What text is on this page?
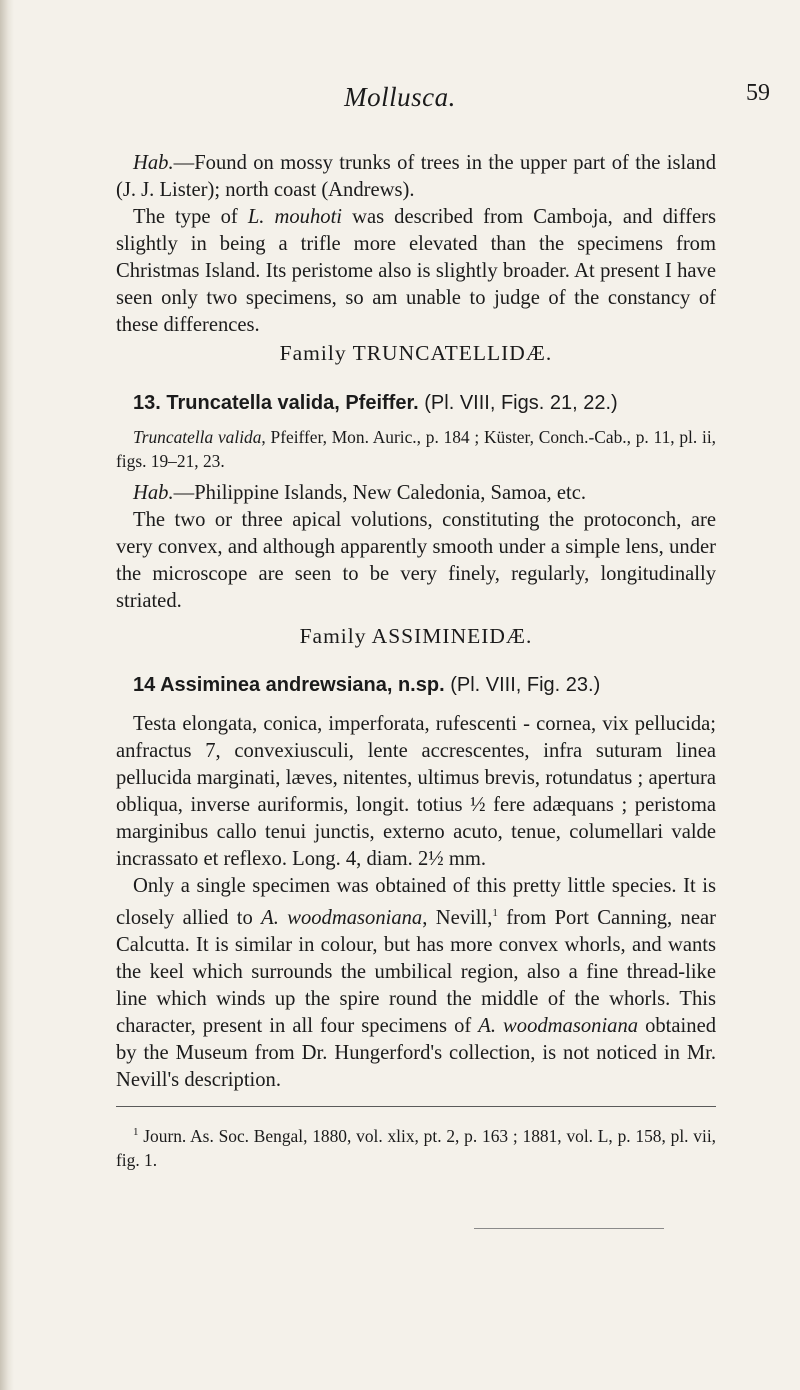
Mollusca.	59

Hab.—Found on mossy trunks of trees in the upper part of the island (J. J. Lister); north coast (Andrews).

The type of L. mouhoti was described from Camboja, and differs slightly in being a trifle more elevated than the specimens from Christmas Island. Its peristome also is slightly broader. At present I have seen only two specimens, so am unable to judge of the constancy of these differences.

Family TRUNCATELLIDÆ.

13. Truncatella valida, Pfeiffer. (Pl. VIII, Figs. 21, 22.)

Truncatella valida, Pfeiffer, Mon. Auric., p. 184 ; Küster, Conch.-Cab., p. 11, pl. ii, figs. 19–21, 23.

Hab.—Philippine Islands, New Caledonia, Samoa, etc.

The two or three apical volutions, constituting the protoconch, are very convex, and although apparently smooth under a simple lens, under the microscope are seen to be very finely, regularly, longitudinally striated.

Family ASSIMINEIDÆ.

14 Assiminea andrewsiana, n.sp. (Pl. VIII, Fig. 23.)

Testa elongata, conica, imperforata, rufescenti - cornea, vix pellucida; anfractus 7, convexiusculi, lente accrescentes, infra suturam linea pellucida marginati, læves, nitentes, ultimus brevis, rotundatus ; apertura obliqua, inverse auriformis, longit. totius ½ fere adæquans ; peristoma marginibus callo tenui junctis, externo acuto, tenue, columellari valde incrassato et reflexo. Long. 4, diam. 2½ mm.

Only a single specimen was obtained of this pretty little species. It is closely allied to A. woodmasoniana, Nevill,$^1$ from Port Canning, near Calcutta. It is similar in colour, but has more convex whorls, and wants the keel which surrounds the umbilical region, also a fine thread-like line which winds up the spire round the middle of the whorls. This character, present in all four specimens of A. woodmasoniana obtained by the Museum from Dr. Hungerford's collection, is not noticed in Mr. Nevill's description.

$^1$ Journ. As. Soc. Bengal, 1880, vol. xlix, pt. 2, p. 163 ; 1881, vol. L, p. 158, pl. vii, fig. 1.
